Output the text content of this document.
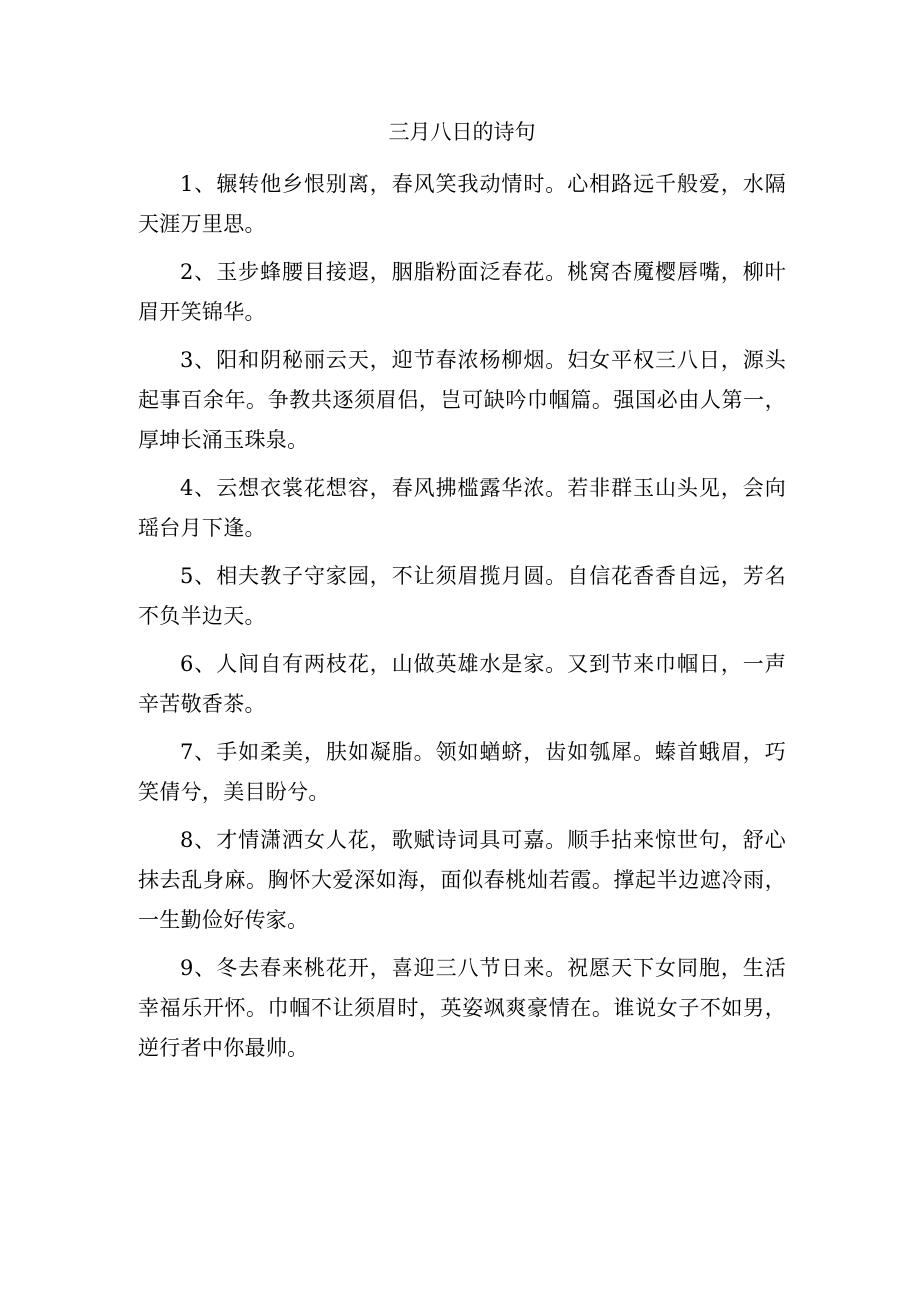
三月八日的诗句

1、辗转他乡恨别离，春风笑我动情时。心相路远千般爱，水隔天涯万里思。

2、玉步蜂腰目接遐，胭脂粉面泛春花。桃窝杏魇樱唇嘴，柳叶眉开笑锦华。

3、阳和阴秘丽云天，迎节春浓杨柳烟。妇女平权三八日，源头起事百余年。争教共逐须眉侣，岂可缺吟巾帼篇。强国必由人第一，厚坤长涌玉珠泉。

4、云想衣裳花想容，春风拂槛露华浓。若非群玉山头见，会向瑶台月下逢。

5、相夫教子守家园，不让须眉揽月圆。自信花香香自远，芳名不负半边天。

6、人间自有两枝花，山做英雄水是家。又到节来巾帼日，一声辛苦敬香茶。

7、手如柔美，肤如凝脂。领如蝤蛴，齿如瓠犀。螓首蛾眉，巧笑倩兮，美目盼兮。

8、才情潇洒女人花，歌赋诗词具可嘉。顺手拈来惊世句，舒心抹去乱身麻。胸怀大爱深如海，面似春桃灿若霞。撑起半边遮冷雨，一生勤俭好传家。

9、冬去春来桃花开，喜迎三八节日来。祝愿天下女同胞，生活幸福乐开怀。巾帼不让须眉时，英姿飒爽豪情在。谁说女子不如男，逆行者中你最帅。
